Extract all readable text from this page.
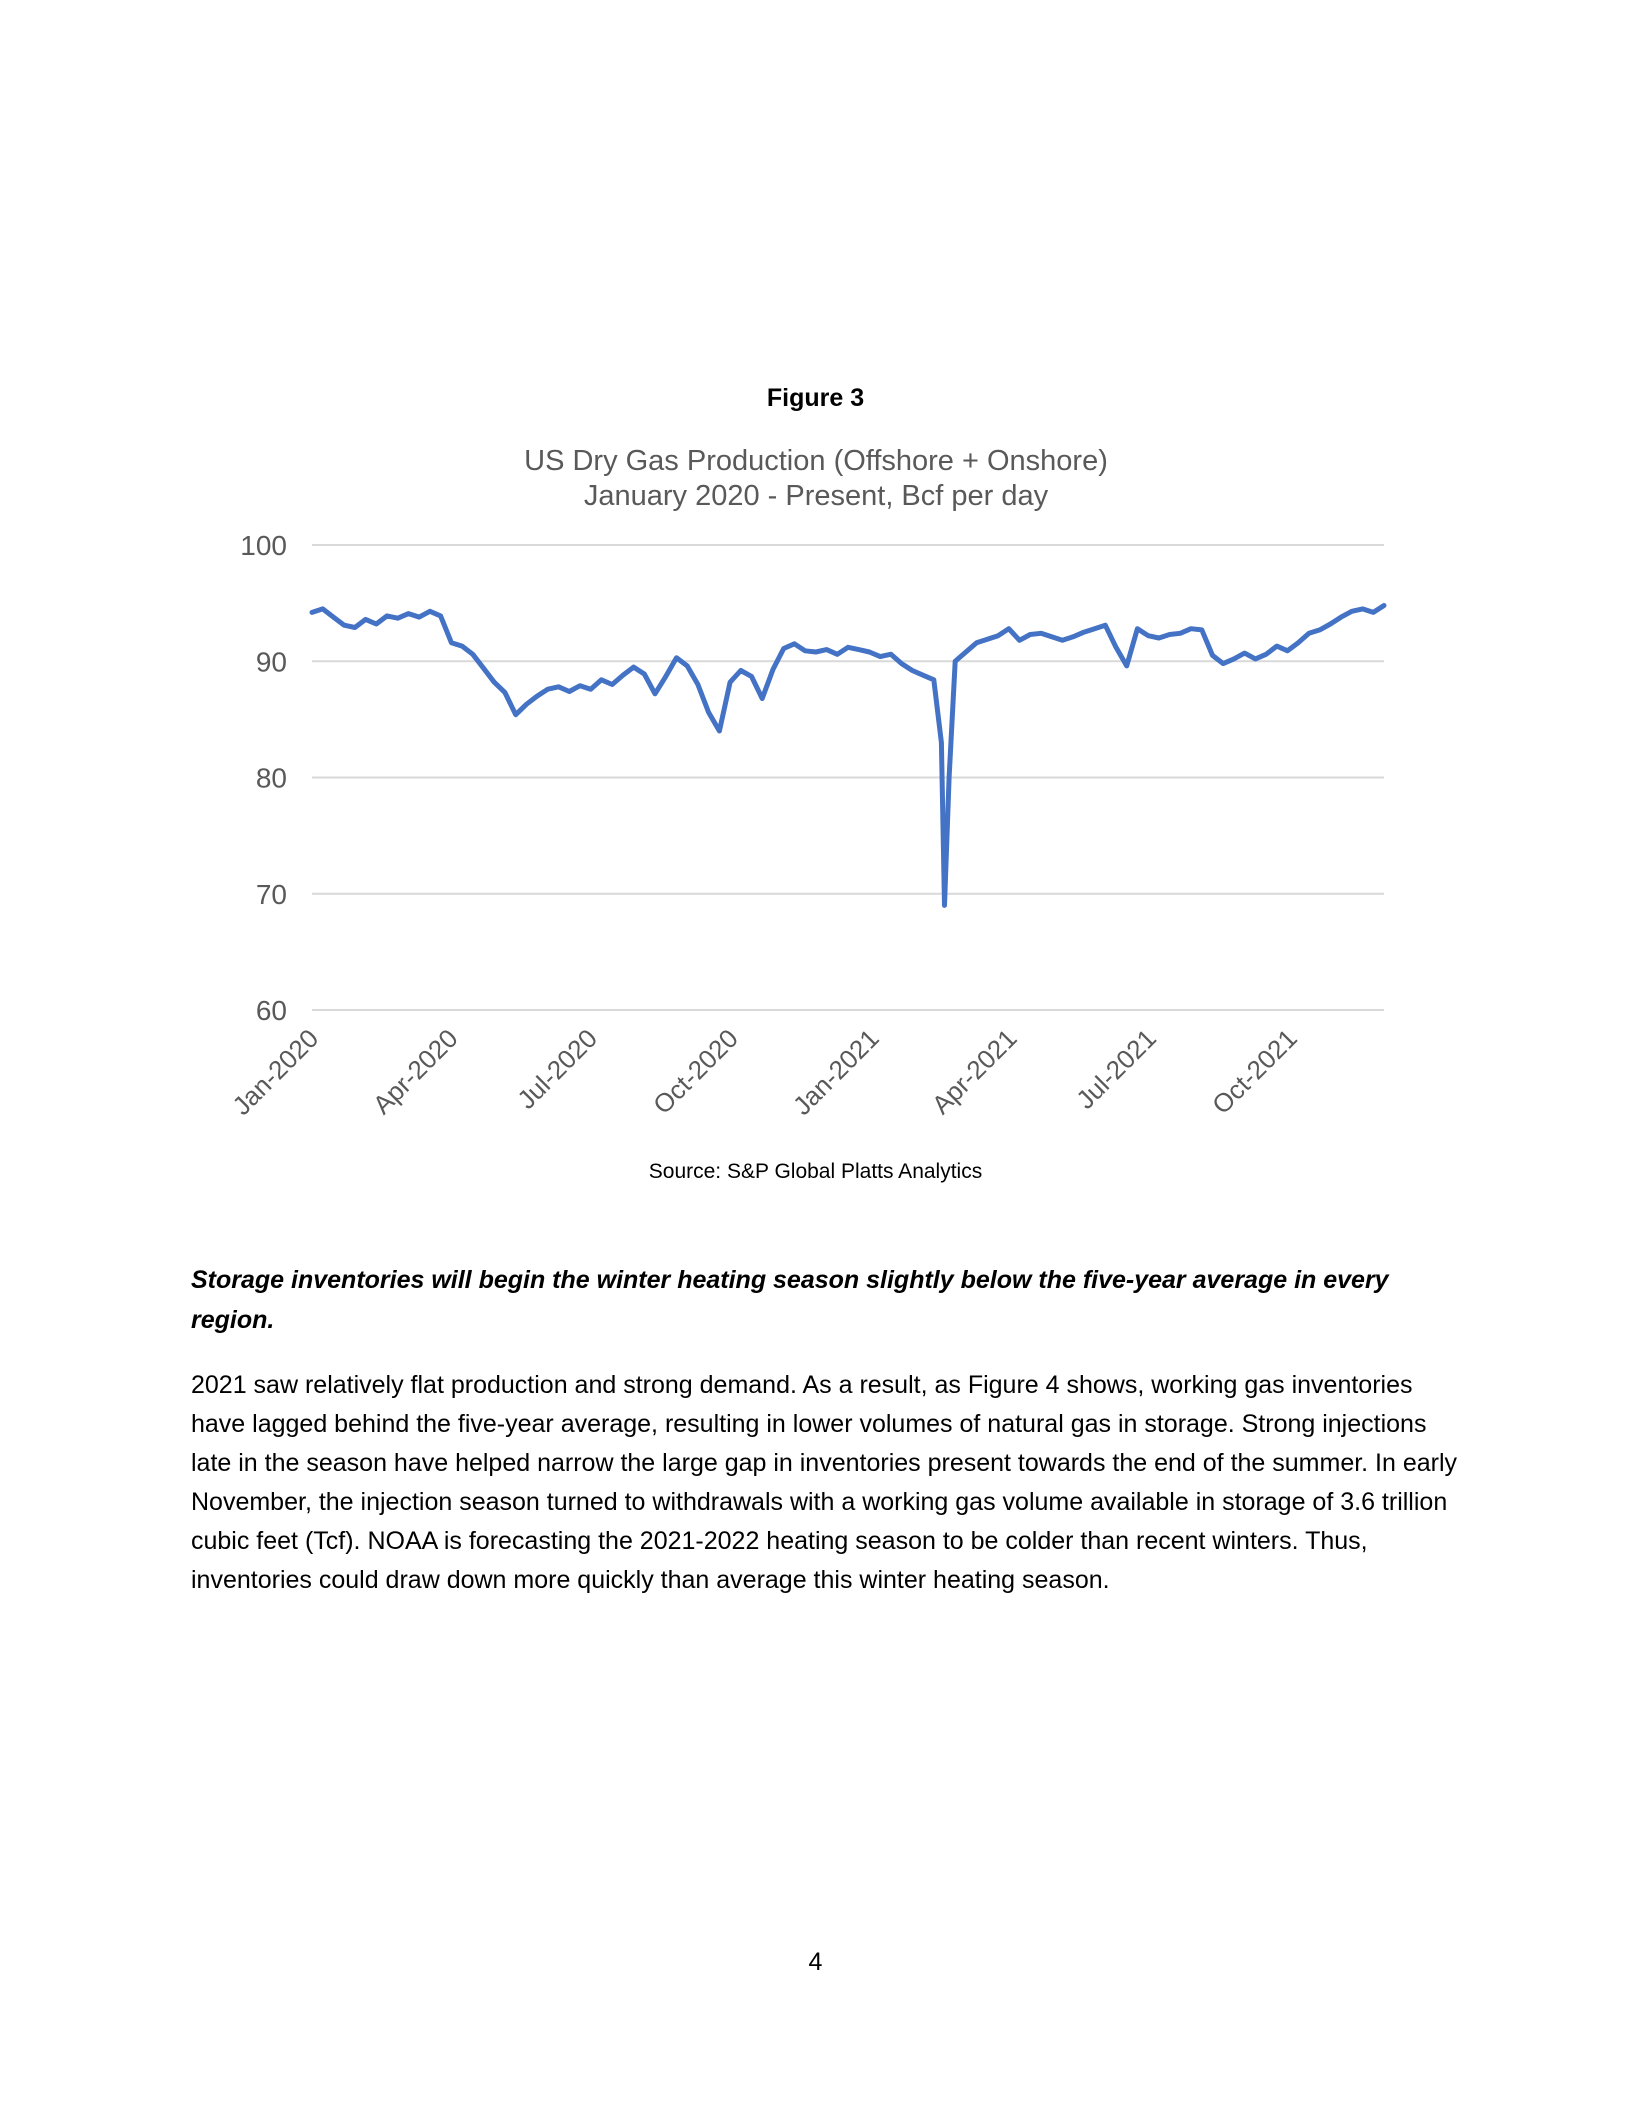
Figure 3
US Dry Gas Production (Offshore + Onshore)
January 2020 - Present, Bcf per day
100
90
80
70
60
Jan-2020 Apr-2020 Jul-2020 Oct-2020 Jan-2021 Apr-2021 Jul-2021 Oct-2021
Source: S&P Global Platts Analytics
Storage inventories will begin the winter heating season slightly below the five-year average in every region.
2021 saw relatively flat production and strong demand. As a result, as Figure 4 shows, working gas inventories have lagged behind the five-year average, resulting in lower volumes of natural gas in storage. Strong injections late in the season have helped narrow the large gap in inventories present towards the end of the summer. In early November, the injection season turned to withdrawals with a working gas volume available in storage of 3.6 trillion cubic feet (Tcf). NOAA is forecasting the 2021-2022 heating season to be colder than recent winters. Thus, inventories could draw down more quickly than average this winter heating season.
4
